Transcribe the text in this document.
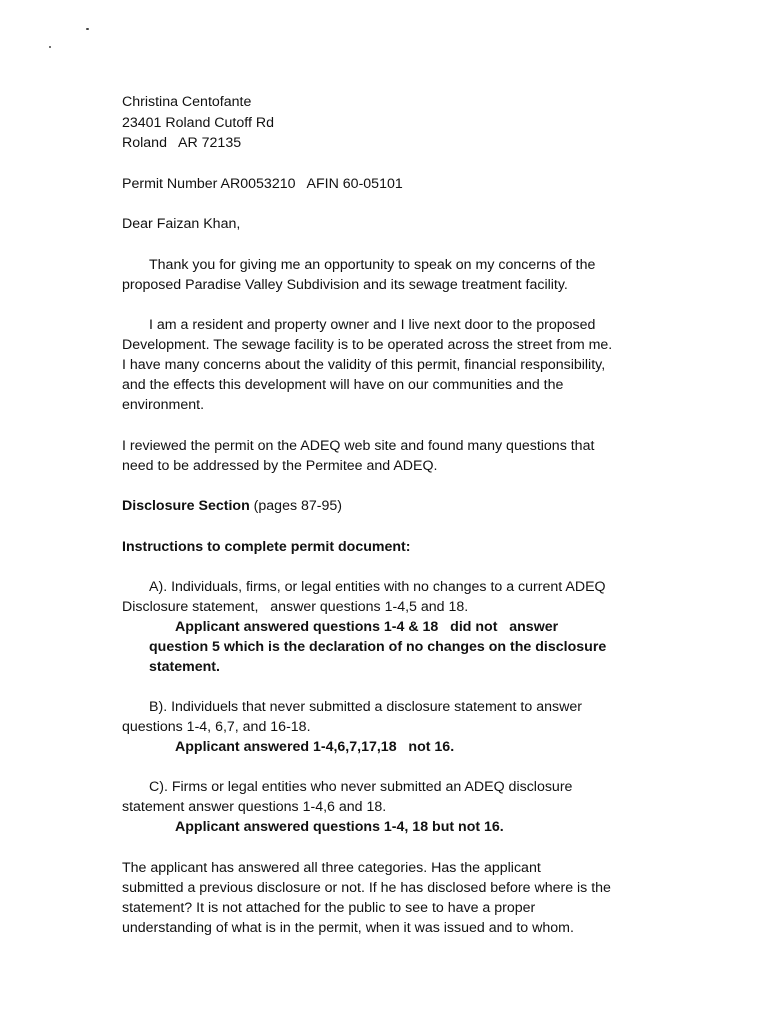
Christina Centofante
23401 Roland Cutoff Rd
Roland   AR 72135
Permit Number AR0053210   AFIN 60-05101
Dear Faizan Khan,
Thank you for giving me an opportunity to speak on my concerns of the
proposed Paradise Valley Subdivision and its sewage treatment facility.
I am a resident and property owner and I live next door to the proposed
Development. The sewage facility is to be operated across the street from me.
I have many concerns about the validity of this permit, financial responsibility,
and the effects this development will have on our communities and the
environment.
I reviewed the permit on the ADEQ web site and found many questions that
need to be addressed by the Permitee and ADEQ.
Disclosure Section (pages 87-95)
Instructions to complete permit document:
A). Individuals, firms, or legal entities with no changes to a current ADEQ
Disclosure statement,   answer questions 1-4,5 and 18.
Applicant answered questions 1-4 & 18   did not   answer
question 5 which is the declaration of no changes on the disclosure
statement.
B). Individuels that never submitted a disclosure statement to answer
questions 1-4, 6,7, and 16-18.
Applicant answered 1-4,6,7,17,18   not 16.
C). Firms or legal entities who never submitted an ADEQ disclosure
statement answer questions 1-4,6 and 18.
Applicant answered questions 1-4, 18 but not 16.
The applicant has answered all three categories. Has the applicant
submitted a previous disclosure or not. If he has disclosed before where is the
statement? It is not attached for the public to see to have a proper
understanding of what is in the permit, when it was issued and to whom.
